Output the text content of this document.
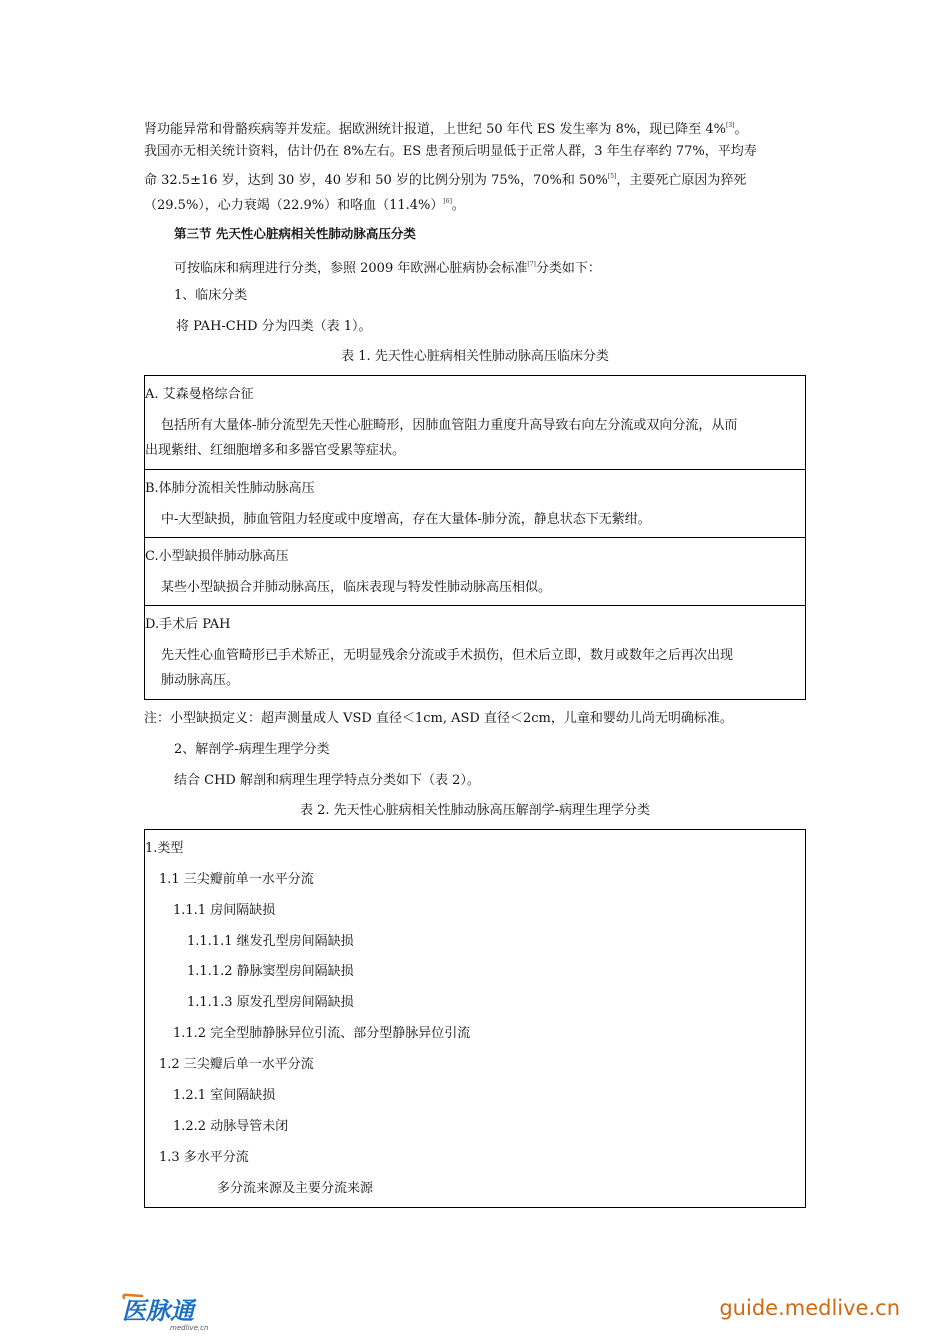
肾功能异常和骨骼疾病等并发症。据欧洲统计报道，上世纪 50 年代 ES 发生率为 8%，现已降至 4%[3]。
我国亦无相关统计资料，估计仍在 8%左右。ES 患者预后明显低于正常人群，3 年生存率约 77%，平均寿
命 32.5±16 岁，达到 30 岁，40 岁和 50 岁的比例分别为 75%，70%和 50%[5]，主要死亡原因为猝死
（29.5%），心力衰竭（22.9%）和咯血（11.4%）[6]。
第三节 先天性心脏病相关性肺动脉高压分类
可按临床和病理进行分类，参照 2009 年欧洲心脏病协会标准[7]分类如下：
1、临床分类
将 PAH-CHD 分为四类（表 1）。
表 1. 先天性心脏病相关性肺动脉高压临床分类
A. 艾森曼格综合征
包括所有大量体-肺分流型先天性心脏畸形，因肺血管阻力重度升高导致右向左分流或双向分流，从而
出现紫绀、红细胞增多和多器官受累等症状。
B.体肺分流相关性肺动脉高压
中-大型缺损，肺血管阻力轻度或中度增高，存在大量体-肺分流，静息状态下无紫绀。
C.小型缺损伴肺动脉高压
某些小型缺损合并肺动脉高压，临床表现与特发性肺动脉高压相似。
D.手术后 PAH
先天性心血管畸形已手术矫正，无明显残余分流或手术损伤，但术后立即，数月或数年之后再次出现
肺动脉高压。
注：小型缺损定义：超声测量成人 VSD 直径＜1cm, ASD 直径＜2cm，儿童和婴幼儿尚无明确标准。
2、解剖学-病理生理学分类
结合 CHD 解剖和病理生理学特点分类如下（表 2）。
表 2. 先天性心脏病相关性肺动脉高压解剖学-病理生理学分类
1.类型
1.1 三尖瓣前单一水平分流
1.1.1 房间隔缺损
1.1.1.1 继发孔型房间隔缺损
1.1.1.2 静脉窦型房间隔缺损
1.1.1.3 原发孔型房间隔缺损
1.1.2 完全型肺静脉异位引流、部分型静脉异位引流
1.2 三尖瓣后单一水平分流
1.2.1 室间隔缺损
1.2.2 动脉导管未闭
1.3 多水平分流
多分流来源及主要分流来源
医脉通
medlive.cn
guide.medlive.cn
